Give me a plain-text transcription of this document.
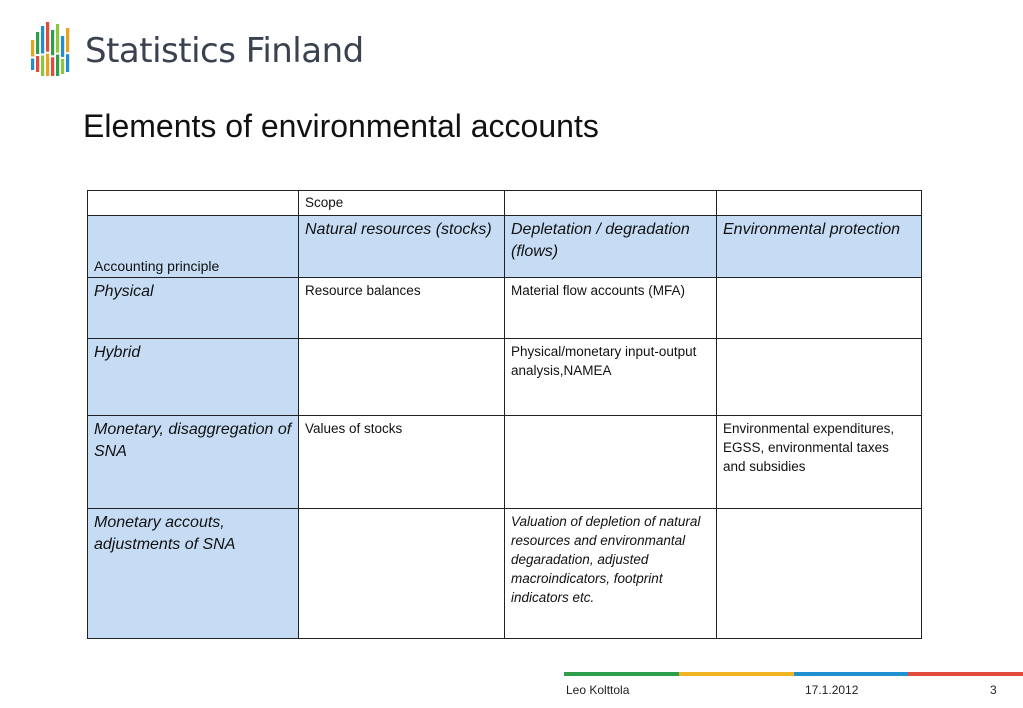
Statistics Finland
Elements of environmental accounts
	Scope		
Accounting principle	Natural resources (stocks)	Depletation / degradation (flows)	Environmental protection
Physical	Resource balances	Material flow accounts (MFA)	
Hybrid		Physical/monetary input-output analysis,NAMEA	
Monetary, disaggregation of SNA	Values of stocks		Environmental expenditures, EGSS, environmental taxes and subsidies
Monetary accouts, adjustments of SNA		Valuation of depletion of natural resources and environmantal degaradation, adjusted macroindicators, footprint indicators etc.	
Leo Kolttola	17.1.2012	3
